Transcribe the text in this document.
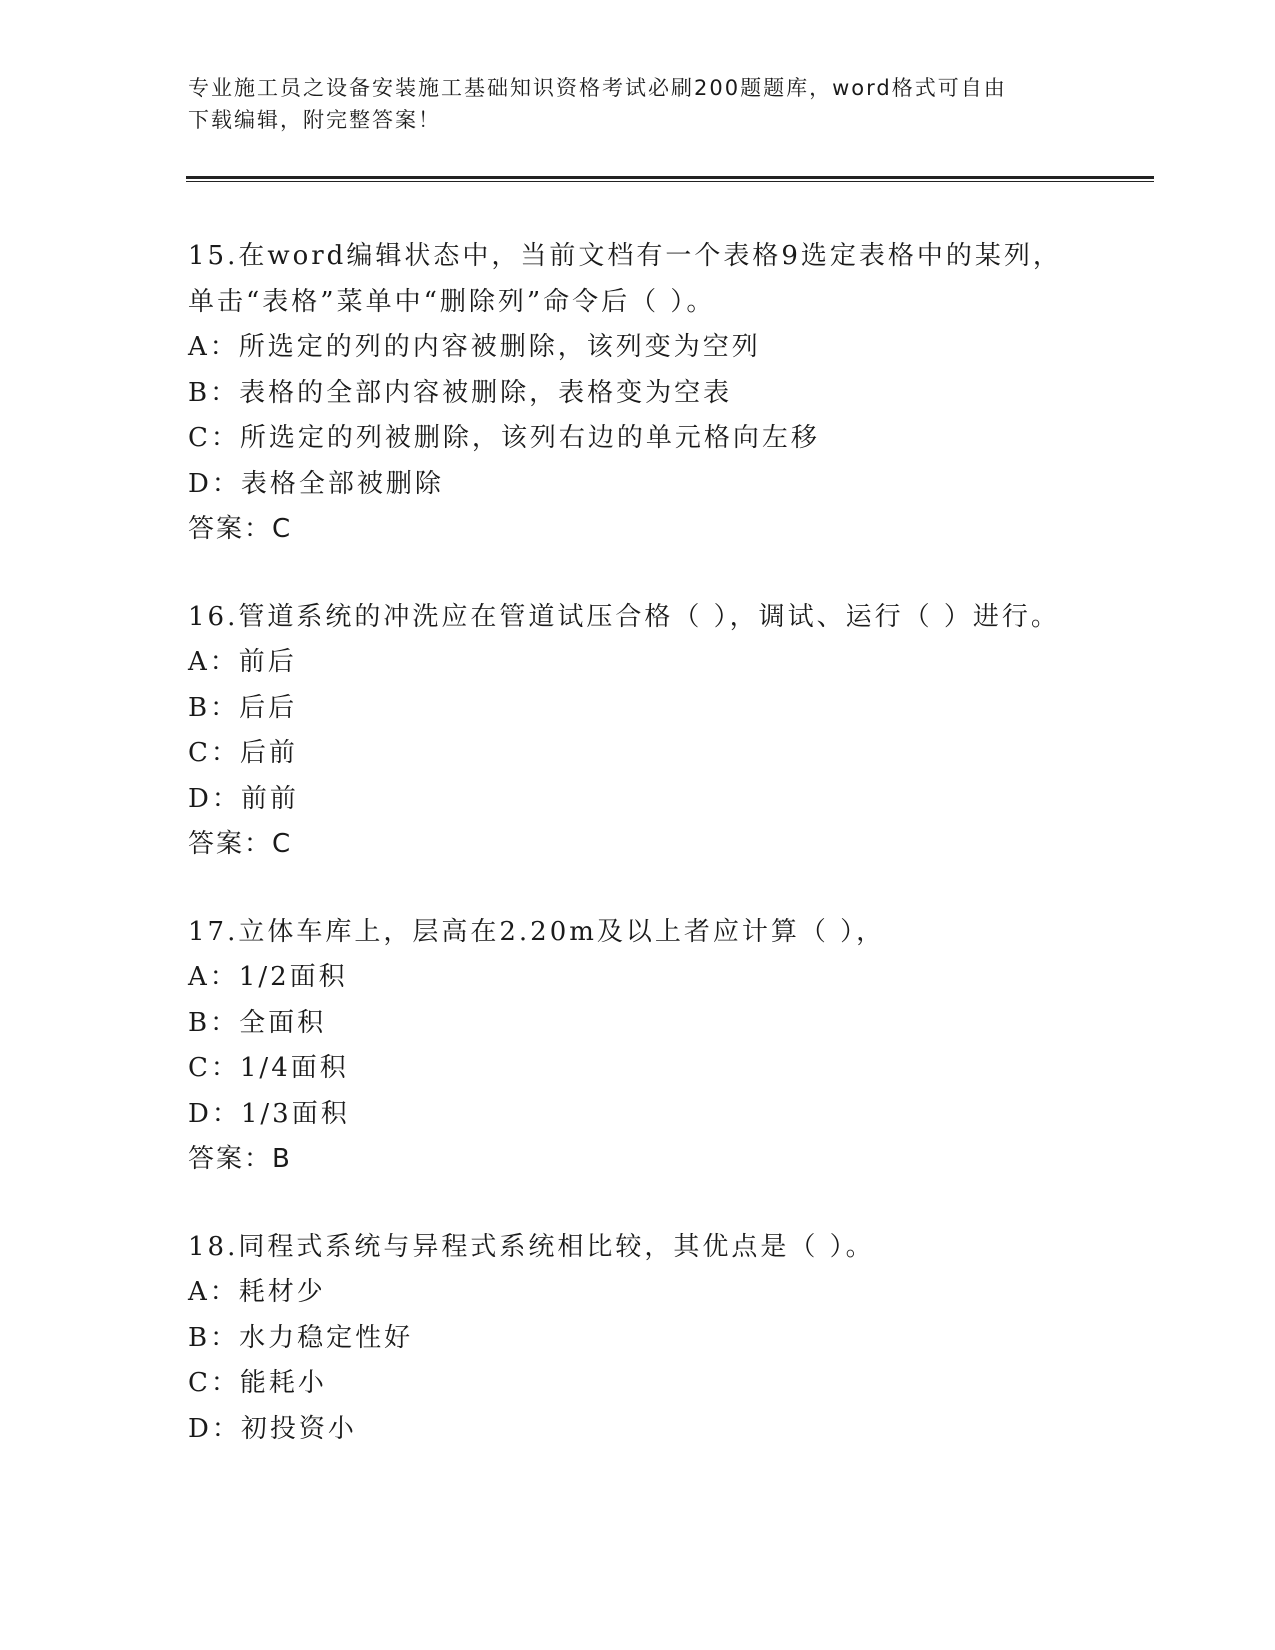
专业施工员之设备安装施工基础知识资格考试必刷200题题库，word格式可自由
下载编辑，附完整答案！
15.在word编辑状态中，当前文档有一个表格9选定表格中的某列，
单击“表格”菜单中“删除列”命令后（ ）。
A：所选定的列的内容被删除，该列变为空列
B：表格的全部内容被删除，表格变为空表
C：所选定的列被删除，该列右边的单元格向左移
D：表格全部被删除
答案：C
16.管道系统的冲洗应在管道试压合格（ ），调试、运行（ ）进行。
A：前后
B：后后
C：后前
D：前前
答案：C
17.立体车库上，层高在2.20m及以上者应计算（ ），
A：1/2面积
B：全面积
C：1/4面积
D：1/3面积
答案：B
18.同程式系统与异程式系统相比较，其优点是（ ）。
A：耗材少
B：水力稳定性好
C：能耗小
D：初投资小
